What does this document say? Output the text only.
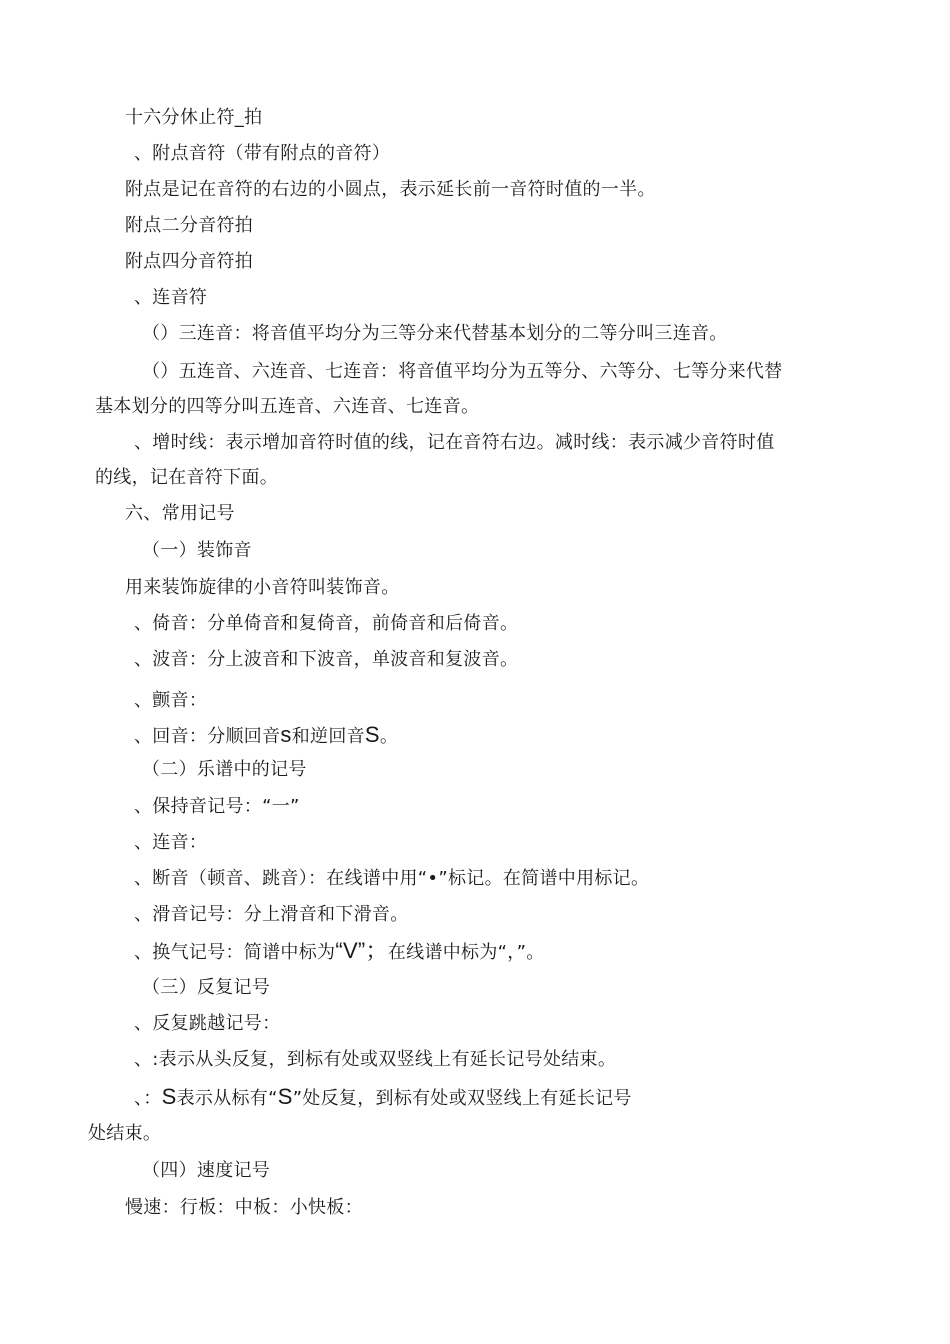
十六分休止符_拍
、附点音符（带有附点的音符）
附点是记在音符的右边的小圆点，表示延长前一音符时值的一半。
附点二分音符拍
附点四分音符拍
、连音符
（）三连音：将音值平均分为三等分来代替基本划分的二等分叫三连音。
（）五连音、六连音、七连音：将音值平均分为五等分、六等分、七等分来代替
基本划分的四等分叫五连音、六连音、七连音。
、增时线：表示增加音符时值的线，记在音符右边。减时线：表示减少音符时值
的线，记在音符下面。
六、常用记号
（一）装饰音
用来装饰旋律的小音符叫装饰音。
、倚音：分单倚音和复倚音，前倚音和后倚音。
、波音：分上波音和下波音，单波音和复波音。
、颤音：
、回音：分顺回音s和逆回音S。
（二）乐谱中的记号
、保持音记号：“一”
、连音：
、断音（顿音、跳音）：在线谱中用“•”标记。在简谱中用标记。
、滑音记号：分上滑音和下滑音。
、换气记号：简谱中标为“V”；在线谱中标为“，”。
（三）反复记号
、反复跳越记号：
、:表示从头反复，到标有处或双竖线上有延长记号处结束。
、：S表示从标有“S”处反复，到标有处或双竖线上有延长记号
处结束。
（四）速度记号
慢速：行板：中板：小快板：
